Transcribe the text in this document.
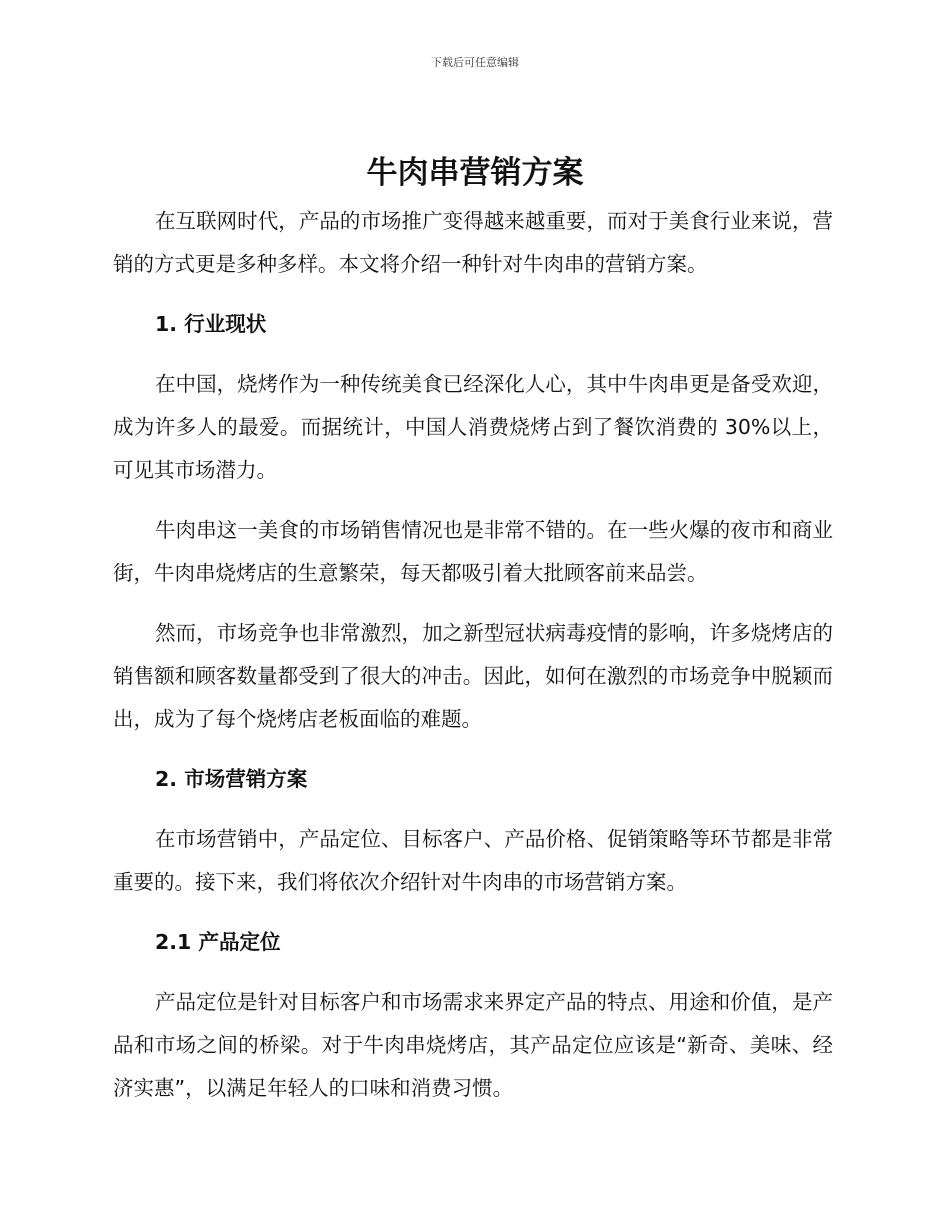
下载后可任意编辑
牛肉串营销方案

在互联网时代，产品的市场推广变得越来越重要，而对于美食行业来说，营销的方式更是多种多样。本文将介绍一种针对牛肉串的营销方案。

1. 行业现状

在中国，烧烤作为一种传统美食已经深化人心，其中牛肉串更是备受欢迎，成为许多人的最爱。而据统计，中国人消费烧烤占到了餐饮消费的 30%以上，可见其市场潜力。

牛肉串这一美食的市场销售情况也是非常不错的。在一些火爆的夜市和商业街，牛肉串烧烤店的生意繁荣，每天都吸引着大批顾客前来品尝。

然而，市场竞争也非常激烈，加之新型冠状病毒疫情的影响，许多烧烤店的销售额和顾客数量都受到了很大的冲击。因此，如何在激烈的市场竞争中脱颖而出，成为了每个烧烤店老板面临的难题。

2. 市场营销方案

在市场营销中，产品定位、目标客户、产品价格、促销策略等环节都是非常重要的。接下来，我们将依次介绍针对牛肉串的市场营销方案。

2.1 产品定位

产品定位是针对目标客户和市场需求来界定产品的特点、用途和价值，是产品和市场之间的桥梁。对于牛肉串烧烤店，其产品定位应该是“新奇、美味、经济实惠”，以满足年轻人的口味和消费习惯。
